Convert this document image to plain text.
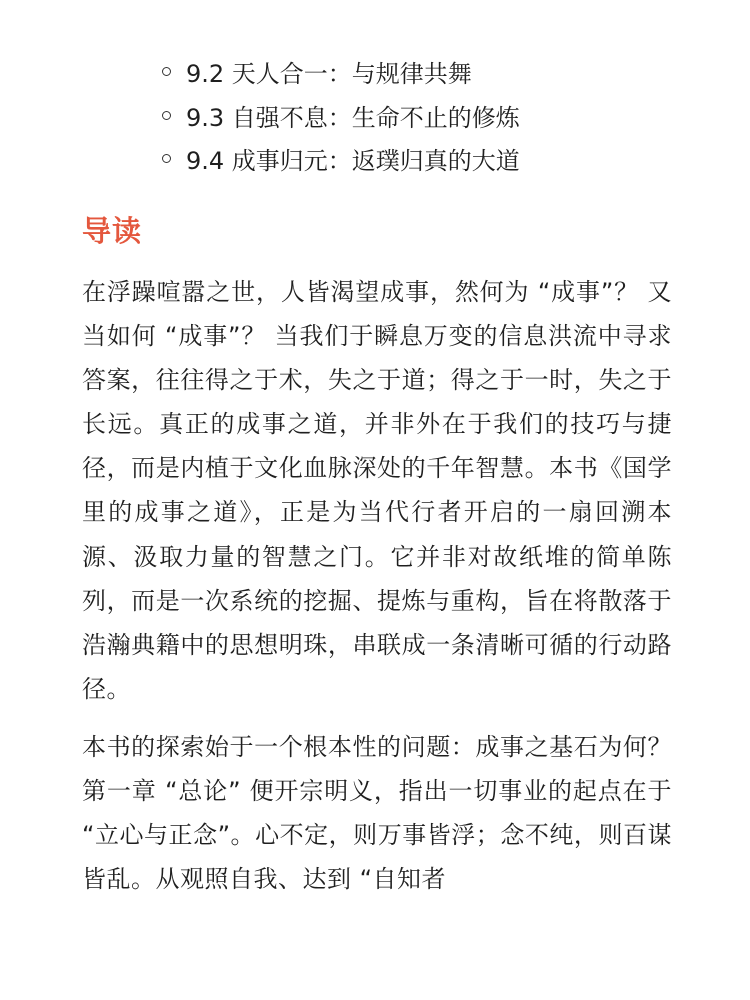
9.2 天人合一：与规律共舞
9.3 自强不息：生命不止的修炼
9.4 成事归元：返璞归真的大道
导读

在浮躁喧嚣之世，人皆渴望成事，然何为 “成事”？ 又当如何 “成事”？ 当我们于瞬息万变的信息洪流中寻求答案，往往得之于术，失之于道；得之于一时，失之于长远。真正的成事之道，并非外在于我们的技巧与捷径，而是内植于文化血脉深处的千年智慧。本书《国学里的成事之道》，正是为当代行者开启的一扇回溯本源、汲取力量的智慧之门。它并非对故纸堆的简单陈列，而是一次系统的挖掘、提炼与重构，旨在将散落于浩瀚典籍中的思想明珠，串联成一条清晰可循的行动路径。

本书的探索始于一个根本性的问题：成事之基石为何？第一章 “总论” 便开宗明义，指出一切事业的起点在于 “立心与正念”。心不定，则万事皆浮；念不纯，则百谋皆乱。从观照自我、达到 “自知者
